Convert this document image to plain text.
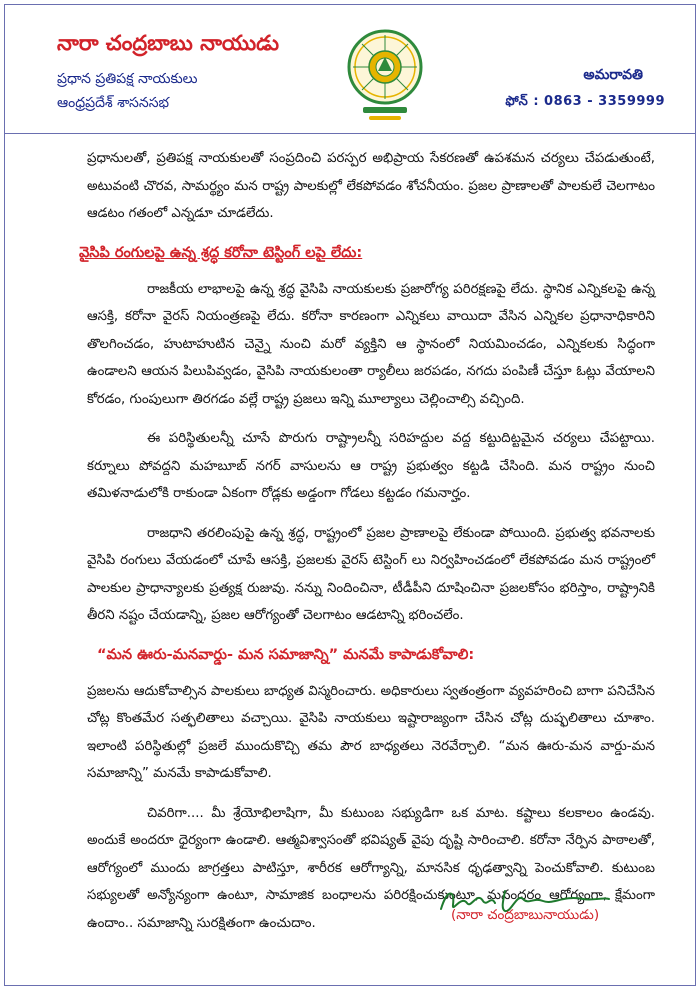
నారా చంద్రబాబు నాయుడు
ప్రధాన ప్రతిపక్ష నాయకులు
ఆంధ్రప్రదేశ్ శాసనసభ
అమరావతి
ఫోన్ : 0863 - 3359999

ప్రధానులతో, ప్రతిపక్ష నాయకులతో సంప్రదించి పరస్పర అభిప్రాయ సేకరణతో ఉపశమన చర్యలు చేపడుతుంటే, అటువంటి చొరవ, సామర్థ్యం మన రాష్ట్ర పాలకుల్లో లేకపోవడం శోచనీయం. ప్రజల ప్రాణాలతో పాలకులే చెలగాటం ఆడటం గతంలో ఎన్నడూ చూడలేదు.

వైసిపి రంగులపై ఉన్న శ్రద్ధ కరోనా టెస్టింగ్ లపై లేదు:

రాజకీయ లాభాలపై ఉన్న శ్రద్ధ వైసిపి నాయకులకు ప్రజారోగ్య పరిరక్షణపై లేదు. స్థానిక ఎన్నికలపై ఉన్న ఆసక్తి, కరోనా వైరస్ నియంత్రణపై లేదు. కరోనా కారణంగా ఎన్నికలు వాయిదా వేసిన ఎన్నికల ప్రధానాధికారిని తొలగించడం, హుటాహుటిన చెన్నై నుంచి మరో వ్యక్తిని ఆ స్థానంలో నియమించడం, ఎన్నికలకు సిద్ధంగా ఉండాలని ఆయన పిలుపివ్వడం, వైసిపి నాయకులంతా ర్యాలీలు జరపడం, నగదు పంపిణీ చేస్తూ ఓట్లు వేయాలని కోరడం, గుంపులుగా తిరగడం వల్లే రాష్ట్ర ప్రజలు ఇన్ని మూల్యాలు చెల్లించాల్సి వచ్చింది.

ఈ పరిస్థితులన్నీ చూసే పొరుగు రాష్ట్రాలన్నీ సరిహద్దుల వద్ద కట్టుదిట్టమైన చర్యలు చేపట్టాయి. కర్నూలు పోవద్దని మహబూబ్ నగర్ వాసులను ఆ రాష్ట్ర ప్రభుత్వం కట్టడి చేసింది. మన రాష్ట్రం నుంచి తమిళనాడులోకి రాకుండా ఏకంగా రోడ్లకు అడ్డంగా గోడలు కట్టడం గమనార్హం.

రాజధాని తరలింపుపై ఉన్న శ్రద్ధ, రాష్ట్రంలో ప్రజల ప్రాణాలపై లేకుండా పోయింది. ప్రభుత్వ భవనాలకు వైసిపి రంగులు వేయడంలో చూపే ఆసక్తి, ప్రజలకు వైరస్ టెస్టింగ్ లు నిర్వహించడంలో లేకపోవడం మన రాష్ట్రంలో పాలకుల ప్రాధాన్యాలకు ప్రత్యక్ష రుజువు. నన్ను నిందించినా, టీడీపీని దూషించినా ప్రజలకోసం భరిస్తాం, రాష్ట్రానికి తీరని నష్టం చేయడాన్ని, ప్రజల ఆరోగ్యంతో చెలగాటం ఆడటాన్ని భరించలేం.

“మన ఊరు-మనవార్డు- మన సమాజాన్ని” మనమే కాపాడుకోవాలి:

ప్రజలను ఆదుకోవాల్సిన పాలకులు బాధ్యత విస్మరించారు. అధికారులు స్వతంత్రంగా వ్యవహరించి బాగా పనిచేసిన చోట్ల కొంతమేర సత్ఫలితాలు వచ్చాయి. వైసిపి నాయకులు ఇష్టారాజ్యంగా చేసిన చోట్ల దుష్ఫలితాలు చూశాం. ఇలాంటి పరిస్థితుల్లో ప్రజలే ముందుకొచ్చి తమ పౌర బాధ్యతలు నెరవేర్చాలి. “మన ఊరు-మన వార్డు-మన సమాజాన్ని” మనమే కాపాడుకోవాలి.

చివరిగా.... మీ శ్రేయోభిలాషిగా, మీ కుటుంబ సభ్యుడిగా ఒక మాట. కష్టాలు కలకాలం ఉండవు. అందుకే అందరూ ధైర్యంగా ఉండాలి. ఆత్మవిశ్వాసంతో భవిష్యత్ వైపు దృష్టి సారించాలి. కరోనా నేర్పిన పాఠాలతో, ఆరోగ్యంలో ముందు జాగ్రత్తలు పాటిస్తూ, శారీరక ఆరోగ్యాన్ని, మానసిక ధృఢత్వాన్ని పెంచుకోవాలి. కుటుంబ సభ్యులతో అన్యోన్యంగా ఉంటూ, సామాజిక బంధాలను పరిరక్షించుకుంటూ, మనందరం ఆరోగ్యంగా, క్షేమంగా ఉందాం.. సమాజాన్ని సురక్షితంగా ఉంచుదాం.	(నారా చంద్రబాబునాయుడు)
